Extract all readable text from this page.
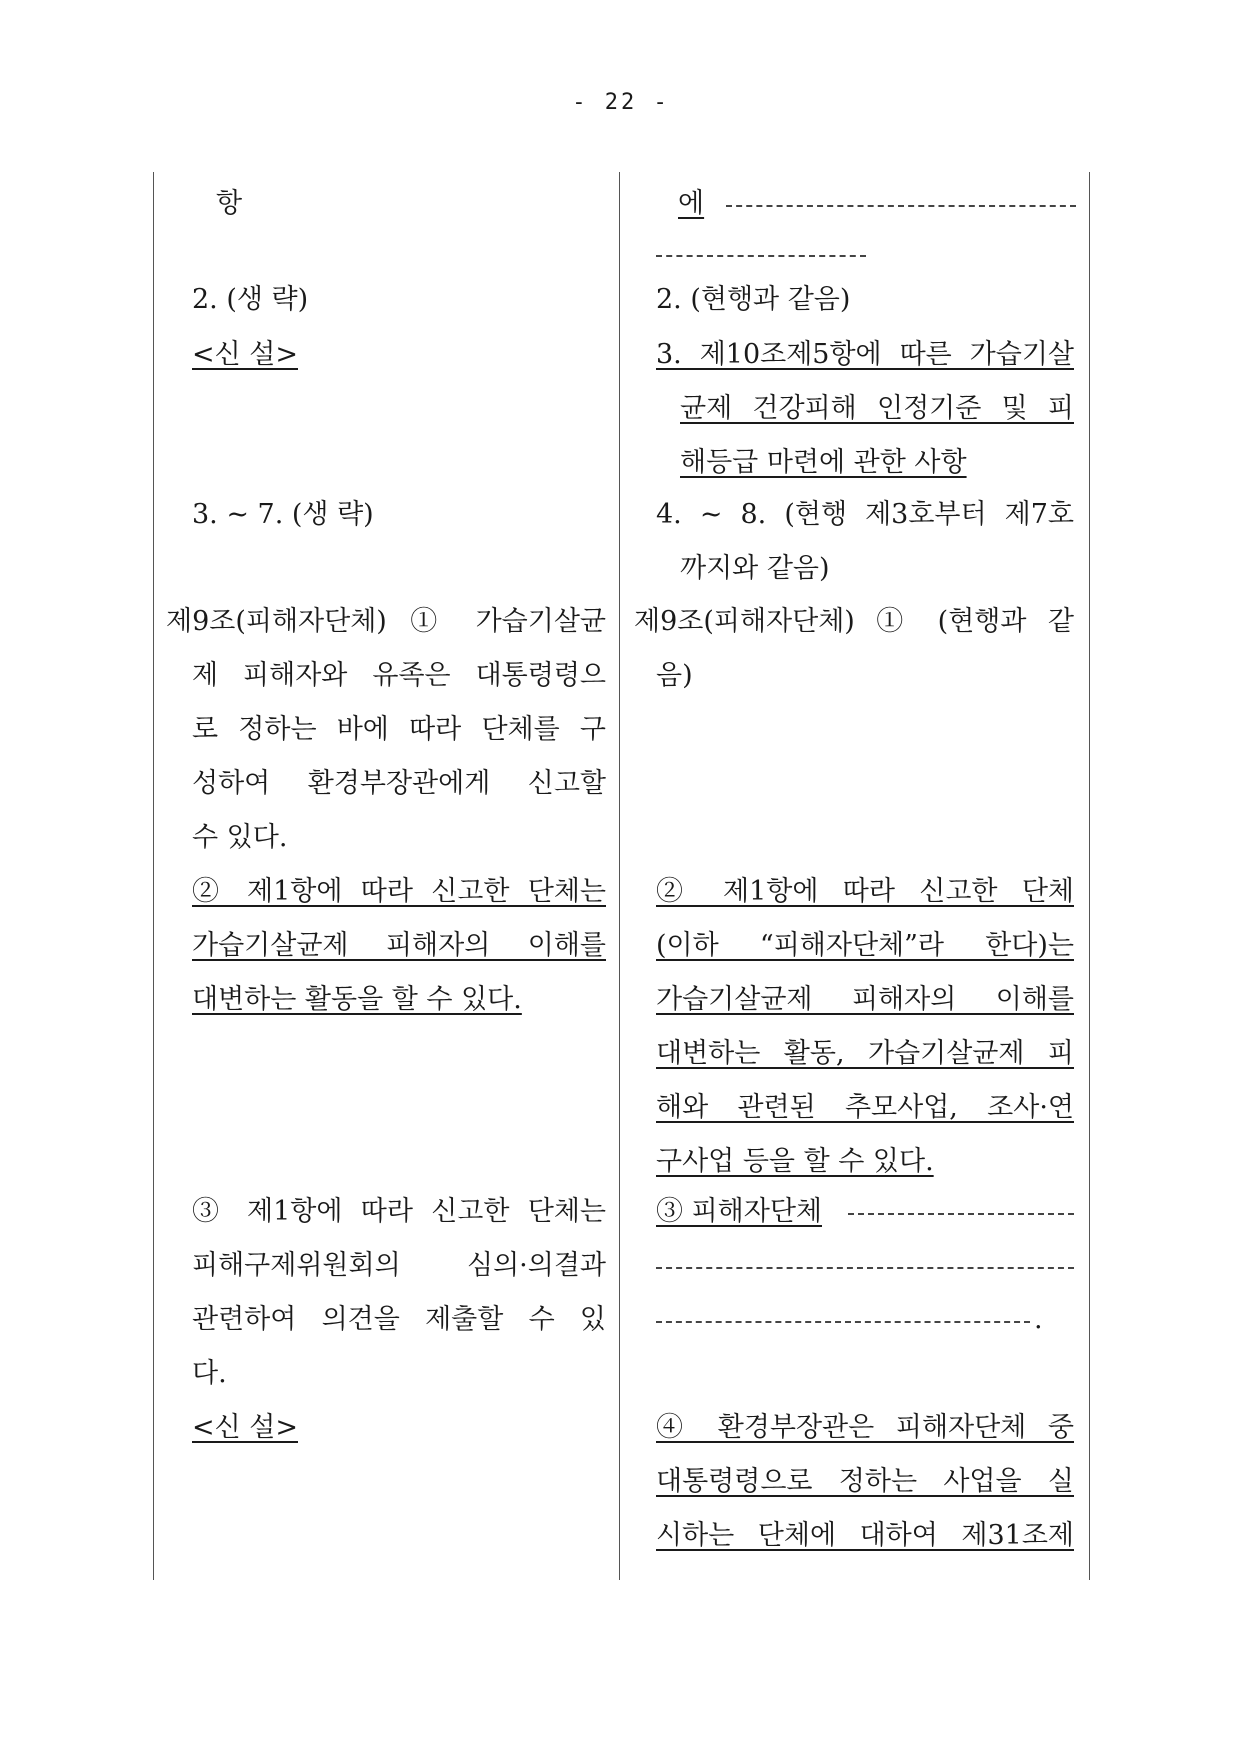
- 22 -
항
2. (생 략)
<신 설>
3. ~ 7. (생 략)
제9조(피해자단체) ① 가습기살균
제 피해자와 유족은 대통령령으
로 정하는 바에 따라 단체를 구
성하여 환경부장관에게 신고할
수 있다.
② 제1항에 따라 신고한 단체는
가습기살균제 피해자의 이해를
대변하는 활동을 할 수 있다.
③ 제1항에 따라 신고한 단체는
피해구제위원회의 심의·의결과
관련하여 의견을 제출할 수 있
다.
<신 설>
에
2. (현행과 같음)
3. 제10조제5항에 따른 가습기살
균제 건강피해 인정기준 및 피
해등급 마련에 관한 사항
4. ~ 8. (현행 제3호부터 제7호
까지와 같음)
제9조(피해자단체) ① (현행과 같
음)
② 제1항에 따라 신고한 단체
(이하 “피해자단체”라 한다)는
가습기살균제 피해자의 이해를
대변하는 활동, 가습기살균제 피
해와 관련된 추모사업, 조사·연
구사업 등을 할 수 있다.
③ 피해자단체
.
④ 환경부장관은 피해자단체 중
대통령령으로 정하는 사업을 실
시하는 단체에 대하여 제31조제
